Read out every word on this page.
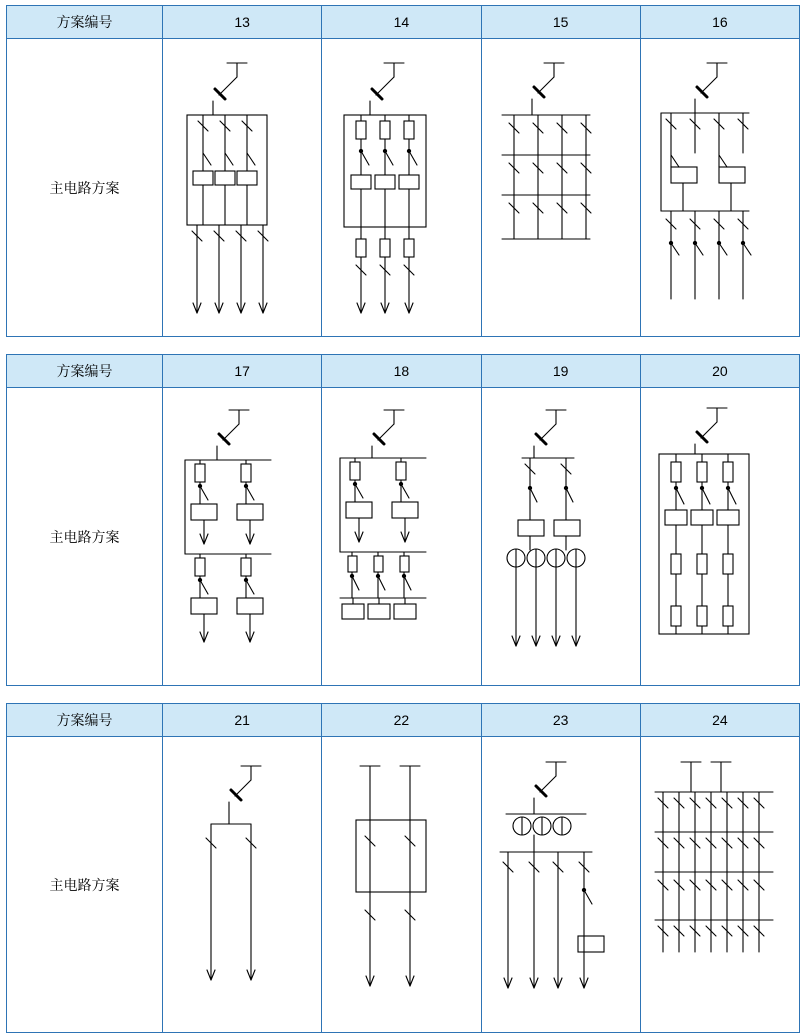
方案编号	13	14	15	16
主电路方案	

方案编号	17	18	19	20
主电路方案	

方案编号	21	22	23	24
主电路方案	
